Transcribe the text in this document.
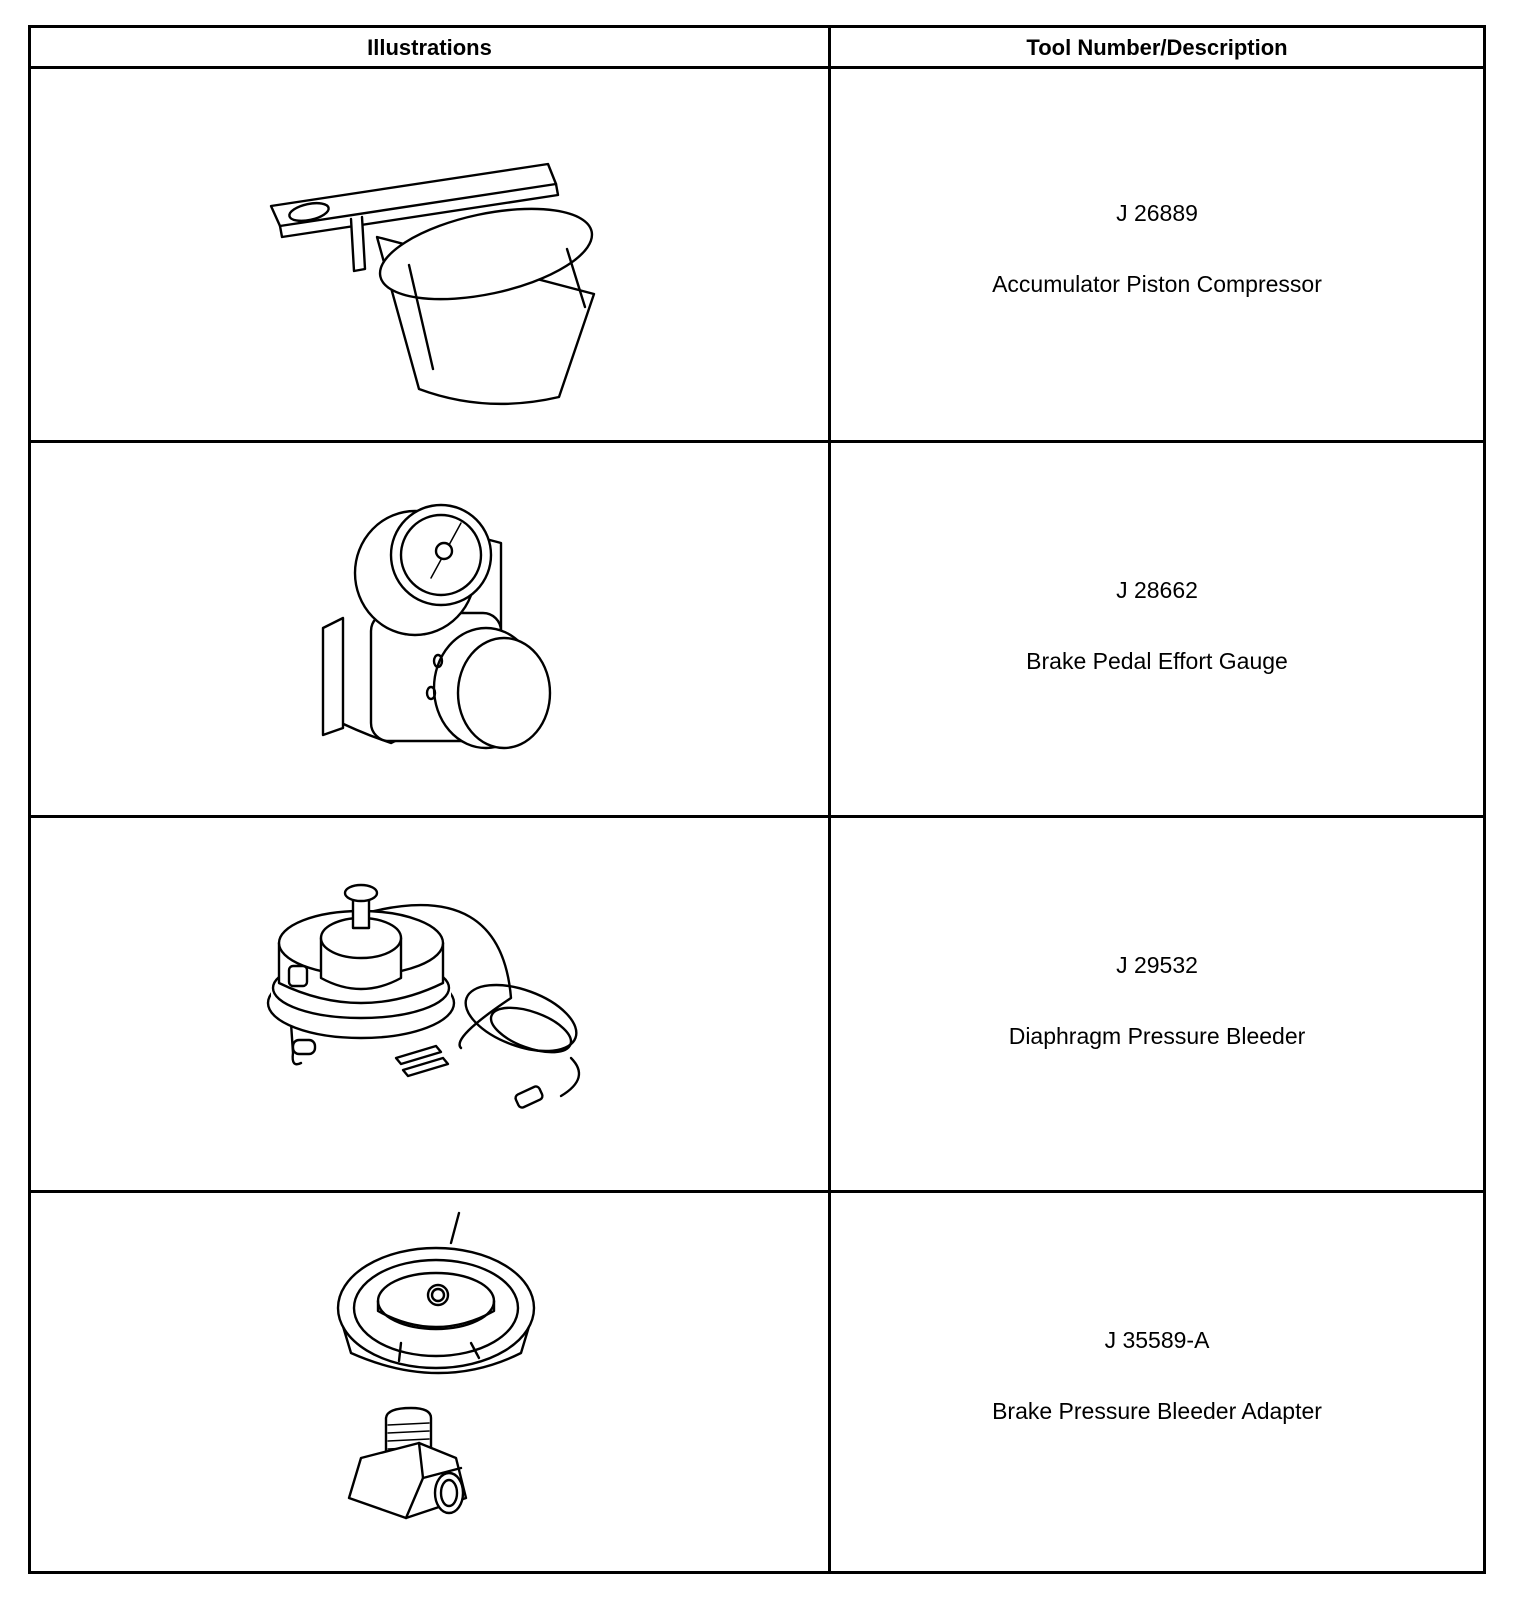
Illustrations	Tool Number/Description
J 26889
Accumulator Piston Compressor
J 28662
Brake Pedal Effort Gauge
J 29532
Diaphragm Pressure Bleeder
J 35589-A
Brake Pressure Bleeder Adapter
